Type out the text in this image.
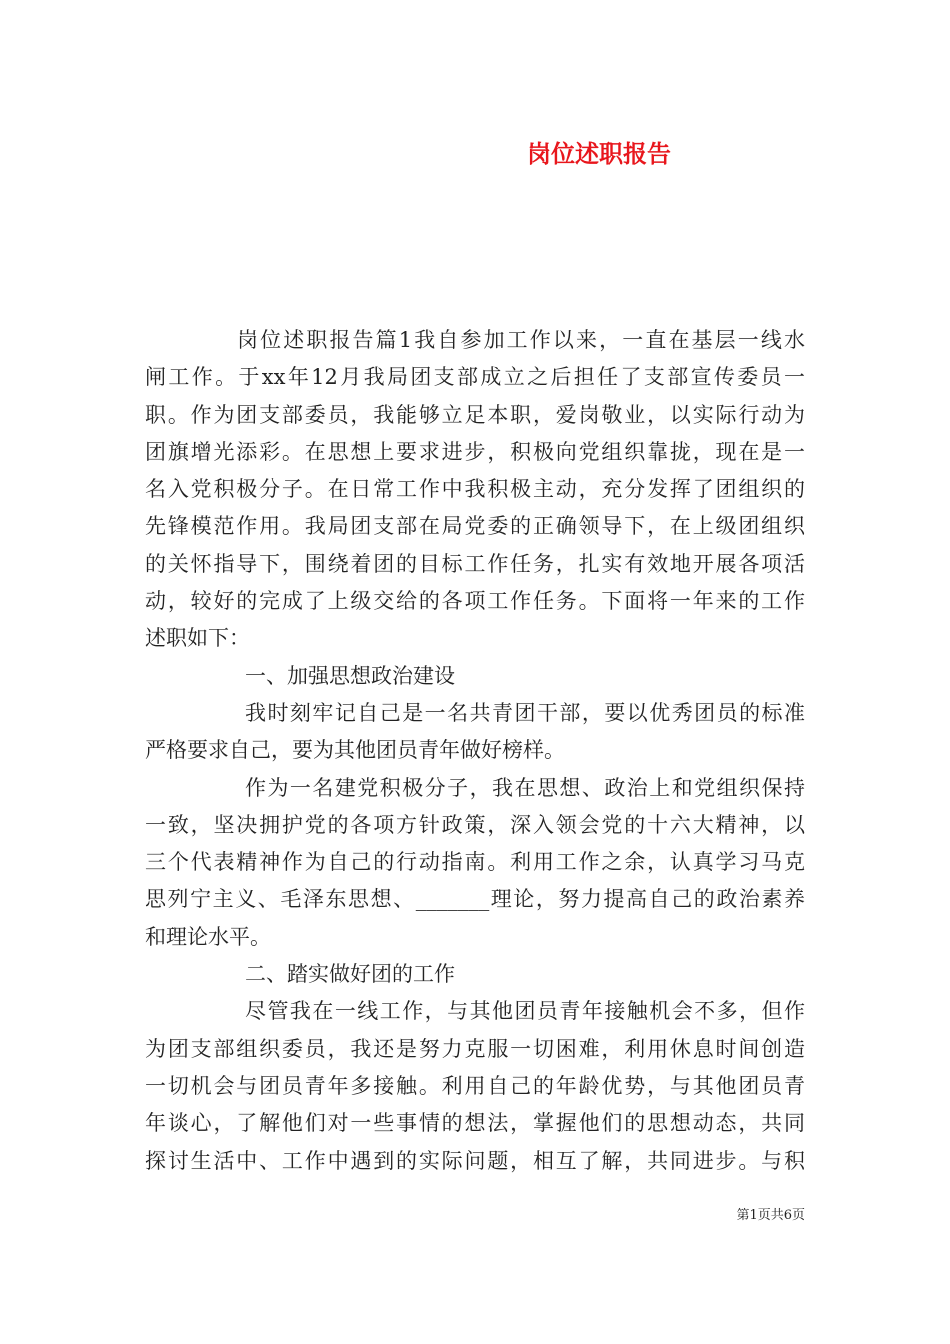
岗位述职报告
岗位述职报告篇1我自参加工作以来，一直在基层一线水
闸工作。于xx年12月我局团支部成立之后担任了支部宣传委员一
职。作为团支部委员，我能够立足本职，爱岗敬业，以实际行动为
团旗增光添彩。在思想上要求进步，积极向党组织靠拢，现在是一
名入党积极分子。在日常工作中我积极主动，充分发挥了团组织的
先锋模范作用。我局团支部在局党委的正确领导下，在上级团组织
的关怀指导下，围绕着团的目标工作任务，扎实有效地开展各项活
动，较好的完成了上级交给的各项工作任务。下面将一年来的工作
述职如下：
一、加强思想政治建设
我时刻牢记自己是一名共青团干部，要以优秀团员的标准
严格要求自己，要为其他团员青年做好榜样。
作为一名建党积极分子，我在思想、政治上和党组织保持
一致，坚决拥护党的各项方针政策，深入领会党的十六大精神，以
三个代表精神作为自己的行动指南。利用工作之余，认真学习马克
思列宁主义、毛泽东思想、_______理论，努力提高自己的政治素养
和理论水平。
二、踏实做好团的工作
尽管我在一线工作，与其他团员青年接触机会不多，但作
为团支部组织委员，我还是努力克服一切困难，利用休息时间创造
一切机会与团员青年多接触。利用自己的年龄优势，与其他团员青
年谈心，了解他们对一些事情的想法，掌握他们的思想动态，共同
探讨生活中、工作中遇到的实际问题，相互了解，共同进步。与积
第1页共6页
